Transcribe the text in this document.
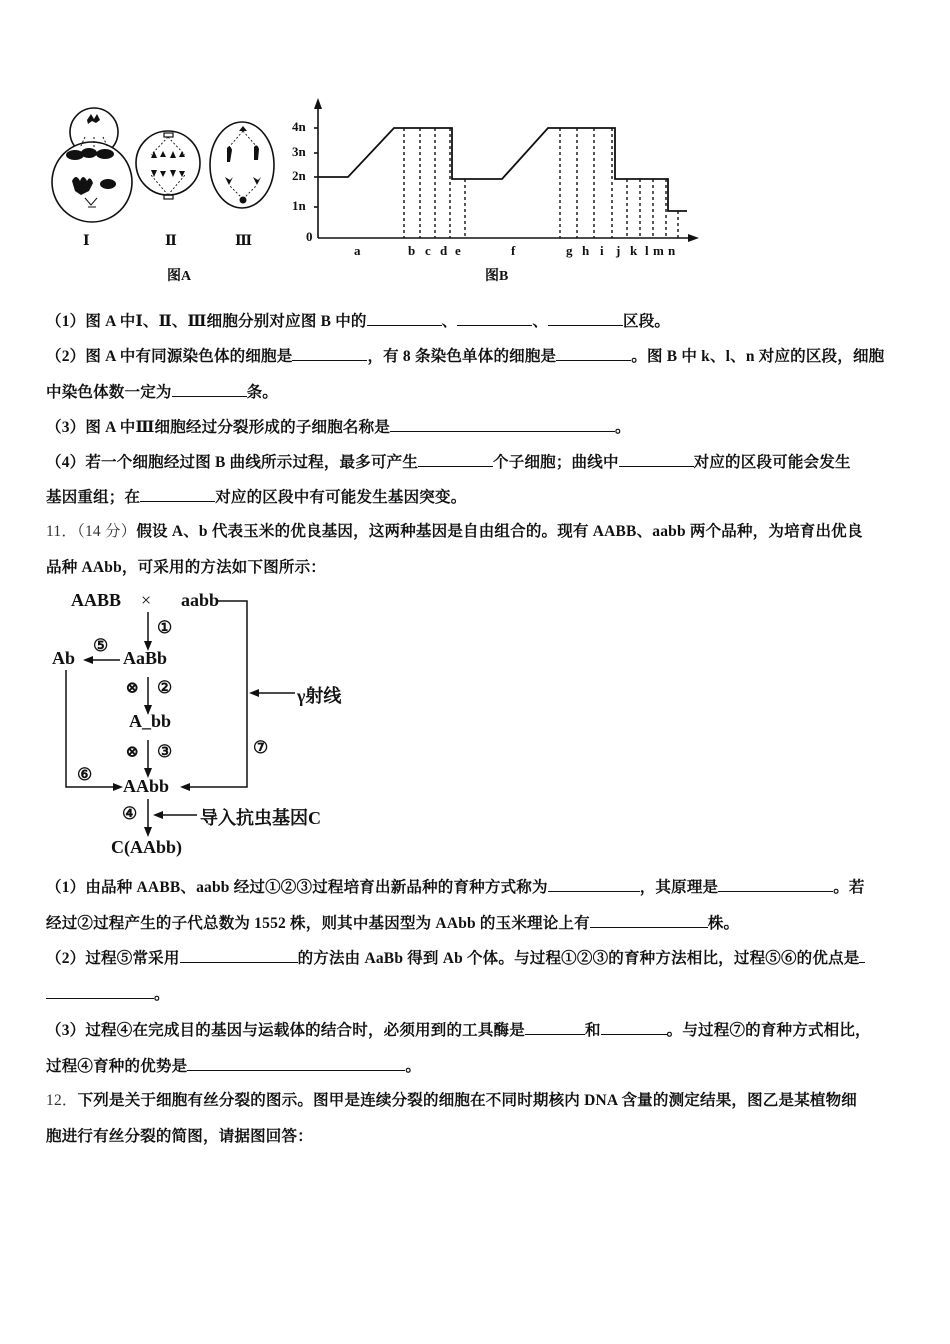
Ⅰ	Ⅱ	Ⅲ
图A
4n
3n
2n
1n
0
a	b c d e	f	g h i j k l m n
图B
（1）图 A 中Ⅰ、Ⅱ、Ⅲ细胞分别对应图 B 中的	、	、	区段。
（2）图 A 中有同源染色体的细胞是	，有 8 条染色单体的细胞是	。图 B 中 k、l、n 对应的区段，细胞
中染色体数一定为	条。
（3）图 A 中Ⅲ细胞经过分裂形成的子细胞名称是	。
（4）若一个细胞经过图 B 曲线所示过程，最多可产生	个子细胞；曲线中	对应的区段可能会发生
基因重组；在	对应的区段中有可能发生基因突变。
11．（14 分）假设 A、b 代表玉米的优良基因，这两种基因是自由组合的。现有 AABB、aabb 两个品种，为培育出优良
品种 AAbb，可采用的方法如下图所示：
AABB × aabb
①
⑤
Ab	AaBb
⊗ ②	γ射线
A_bb
⊗ ③	⑦
⑥
AAbb
④	导入抗虫基因C
C(AAbb)
（1）由品种 AABB、aabb 经过①②③过程培育出新品种的育种方式称为	，其原理是	。若
经过②过程产生的子代总数为 1552 株，则其中基因型为 AAbb 的玉米理论上有	株。
（2）过程⑤常采用	的方法由 AaBb 得到 Ab 个体。与过程①②③的育种方法相比，过程⑤⑥的优点是
。
（3）过程④在完成目的基因与运载体的结合时，必须用到的工具酶是	和	。与过程⑦的育种方式相比，
过程④育种的优势是	。
12．下列是关于细胞有丝分裂的图示。图甲是连续分裂的细胞在不同时期核内 DNA 含量的测定结果，图乙是某植物细
胞进行有丝分裂的简图，请据图回答：
